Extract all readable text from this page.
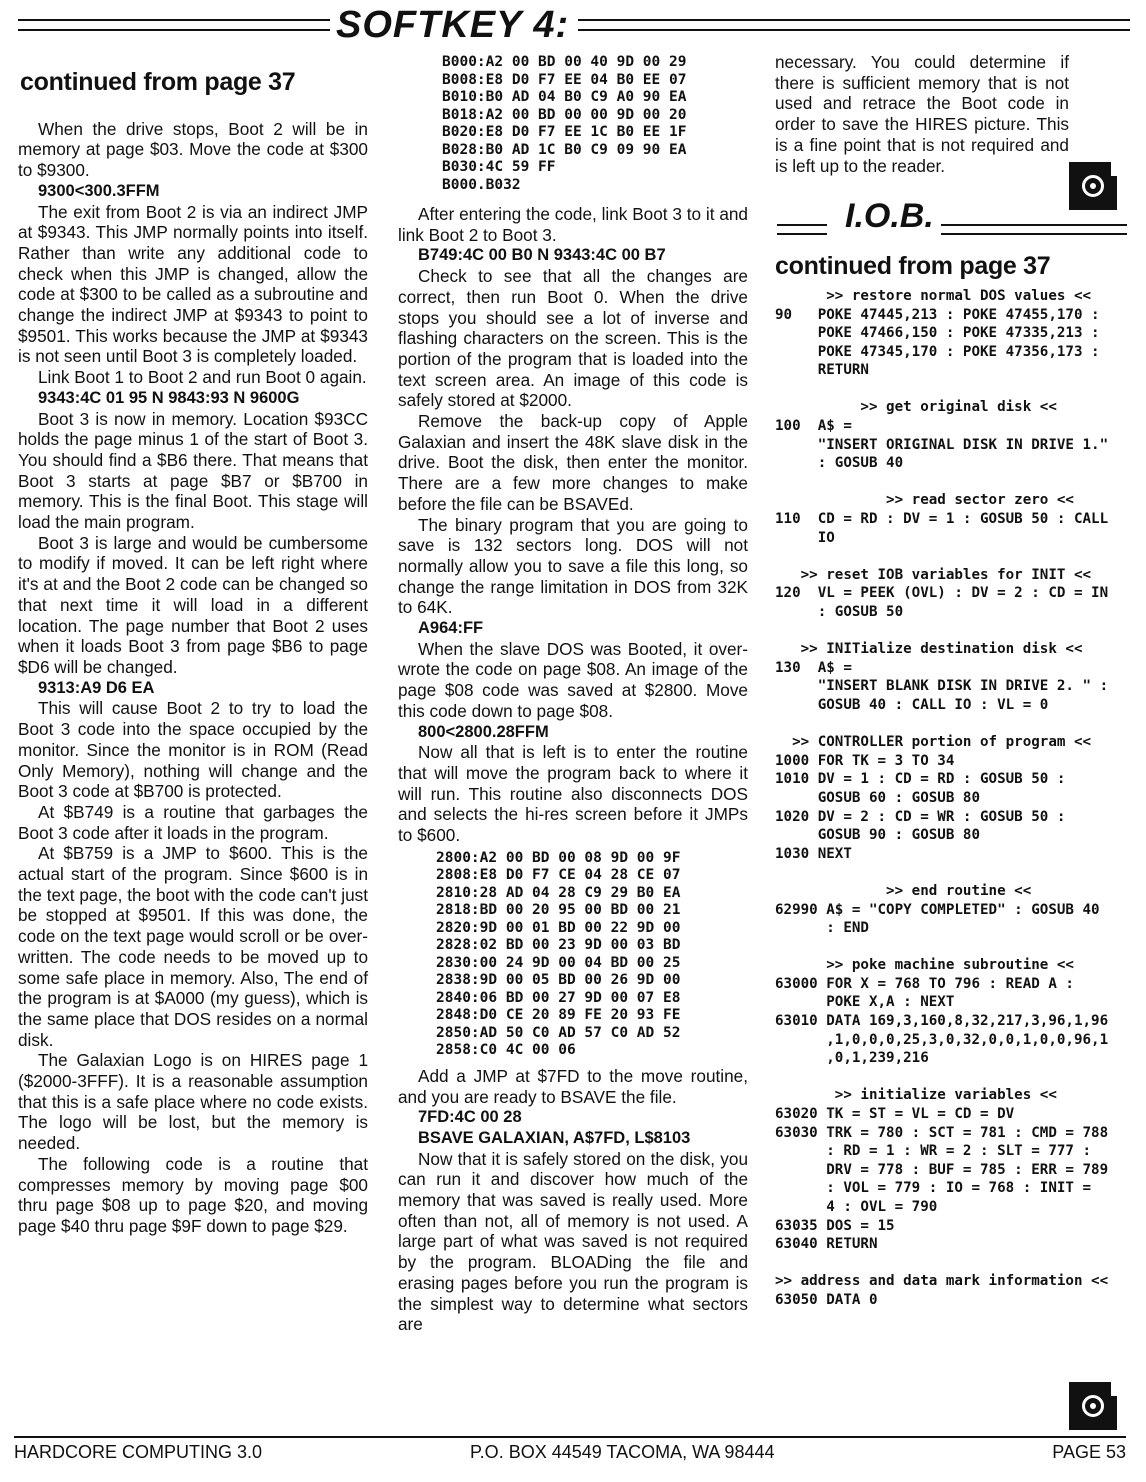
SOFTKEY 4:
continued from page 37

When the drive stops, Boot 2 will be in memory at page $03. Move the code at $300 to $9300.

9300<300.3FFM

The exit from Boot 2 is via an indirect JMP at $9343. This JMP normally points into itself. Rather than write any additional code to check when this JMP is changed, allow the code at $300 to be called as a subroutine and change the indirect JMP at $9343 to point to $9501. This works because the JMP at $9343 is not seen until Boot 3 is completely loaded.

Link Boot 1 to Boot 2 and run Boot 0 again.

9343:4C 01 95 N 9843:93 N 9600G

Boot 3 is now in memory. Location $93CC holds the page minus 1 of the start of Boot 3. You should find a $B6 there. That means that Boot 3 starts at page $B7 or $B700 in memory. This is the final Boot. This stage will load the main program.

Boot 3 is large and would be cumbersome to modify if moved. It can be left right where it's at and the Boot 2 code can be changed so that next time it will load in a different location. The page number that Boot 2 uses when it loads Boot 3 from page $B6 to page $D6 will be changed.

9313:A9 D6 EA

This will cause Boot 2 to try to load the Boot 3 code into the space occupied by the monitor. Since the monitor is in ROM (Read Only Memory), nothing will change and the Boot 3 code at $B700 is protected.

At $B749 is a routine that garbages the Boot 3 code after it loads in the program.

At $B759 is a JMP to $600. This is the actual start of the program. Since $600 is in the text page, the boot with the code can't just be stopped at $9501. If this was done, the code on the text page would scroll or be over-written. The code needs to be moved up to some safe place in memory. Also, The end of the program is at $A000 (my guess), which is the same place that DOS resides on a normal disk.

The Galaxian Logo is on HIRES page 1 ($2000-3FFF). It is a reasonable assumption that this is a safe place where no code exists. The logo will be lost, but the memory is needed.

The following code is a routine that compresses memory by moving page $00 thru page $08 up to page $20, and moving page $40 thru page $9F down to page $29.

B000:A2 00 BD 00 40 9D 00 29
B008:E8 D0 F7 EE 04 B0 EE 07
B010:B0 AD 04 B0 C9 A0 90 EA
B018:A2 00 BD 00 00 9D 00 20
B020:E8 D0 F7 EE 1C B0 EE 1F
B028:B0 AD 1C B0 C9 09 90 EA
B030:4C 59 FF
B000.B032

After entering the code, link Boot 3 to it and link Boot 2 to Boot 3.

B749:4C 00 B0 N 9343:4C 00 B7

Check to see that all the changes are correct, then run Boot 0. When the drive stops you should see a lot of inverse and flashing characters on the screen. This is the portion of the program that is loaded into the text screen area. An image of this code is safely stored at $2000.

Remove the back-up copy of Apple Galaxian and insert the 48K slave disk in the drive. Boot the disk, then enter the monitor. There are a few more changes to make before the file can be BSAVEd.

The binary program that you are going to save is 132 sectors long. DOS will not normally allow you to save a file this long, so change the range limitation in DOS from 32K to 64K.

A964:FF

When the slave DOS was Booted, it over-wrote the code on page $08. An image of the page $08 code was saved at $2800. Move this code down to page $08.

800<2800.28FFM

Now all that is left is to enter the routine that will move the program back to where it will run. This routine also disconnects DOS and selects the hi-res screen before it JMPs to $600.

2800:A2 00 BD 00 08 9D 00 9F
2808:E8 D0 F7 CE 04 28 CE 07
2810:28 AD 04 28 C9 29 B0 EA
2818:BD 00 20 95 00 BD 00 21
2820:9D 00 01 BD 00 22 9D 00
2828:02 BD 00 23 9D 00 03 BD
2830:00 24 9D 00 04 BD 00 25
2838:9D 00 05 BD 00 26 9D 00
2840:06 BD 00 27 9D 00 07 E8
2848:D0 CE 20 89 FE 20 93 FE
2850:AD 50 C0 AD 57 C0 AD 52
2858:C0 4C 00 06

Add a JMP at $7FD to the move routine, and you are ready to BSAVE the file.

7FD:4C 00 28

BSAVE GALAXIAN, A$7FD, L$8103

Now that it is safely stored on the disk, you can run it and discover how much of the memory that was saved is really used. More often than not, all of memory is not used. A large part of what was saved is not required by the program. BLOADing the file and erasing pages before you run the program is the simplest way to determine what sectors are

necessary. You could determine if there is sufficient memory that is not used and retrace the Boot code in order to save the HIRES picture. This is a fine point that is not required and is left up to the reader.

I.O.B.
continued from page 37
>> restore normal DOS values <<
90   POKE 47445,213 : POKE 47455,170 :
POKE 47466,150 : POKE 47335,213 :
POKE 47345,170 : POKE 47356,173 :
RETURN

>> get original disk <<
100  A$ =
"INSERT ORIGINAL DISK IN DRIVE 1."
: GOSUB 40

>> read sector zero <<
110  CD = RD : DV = 1 : GOSUB 50 : CALL
IO

>> reset IOB variables for INIT <<
120  VL = PEEK (OVL) : DV = 2 : CD = IN
: GOSUB 50

>> INITialize destination disk <<
130  A$ =
"INSERT BLANK DISK IN DRIVE 2. " :
GOSUB 40 : CALL IO : VL = 0

>> CONTROLLER portion of program <<
1000 FOR TK = 3 TO 34
1010 DV = 1 : CD = RD : GOSUB 50 :
GOSUB 60 : GOSUB 80
1020 DV = 2 : CD = WR : GOSUB 50 :
GOSUB 90 : GOSUB 80
1030 NEXT

>> end routine <<
62990 A$ = "COPY COMPLETED" : GOSUB 40
: END

>> poke machine subroutine <<
63000 FOR X = 768 TO 796 : READ A :
POKE X,A : NEXT
63010 DATA 169,3,160,8,32,217,3,96,1,96
,1,0,0,0,25,3,0,32,0,0,1,0,0,96,1
,0,1,239,216

>> initialize variables <<
63020 TK = ST = VL = CD = DV
63030 TRK = 780 : SCT = 781 : CMD = 788
: RD = 1 : WR = 2 : SLT = 777 :
DRV = 778 : BUF = 785 : ERR = 789
: VOL = 779 : IO = 768 : INIT =
4 : OVL = 790
63035 DOS = 15
63040 RETURN

>> address and data mark information <<
63050 DATA 0
HARDCORE COMPUTING 3.0	P.O. BOX 44549 TACOMA, WA 98444	PAGE 53
